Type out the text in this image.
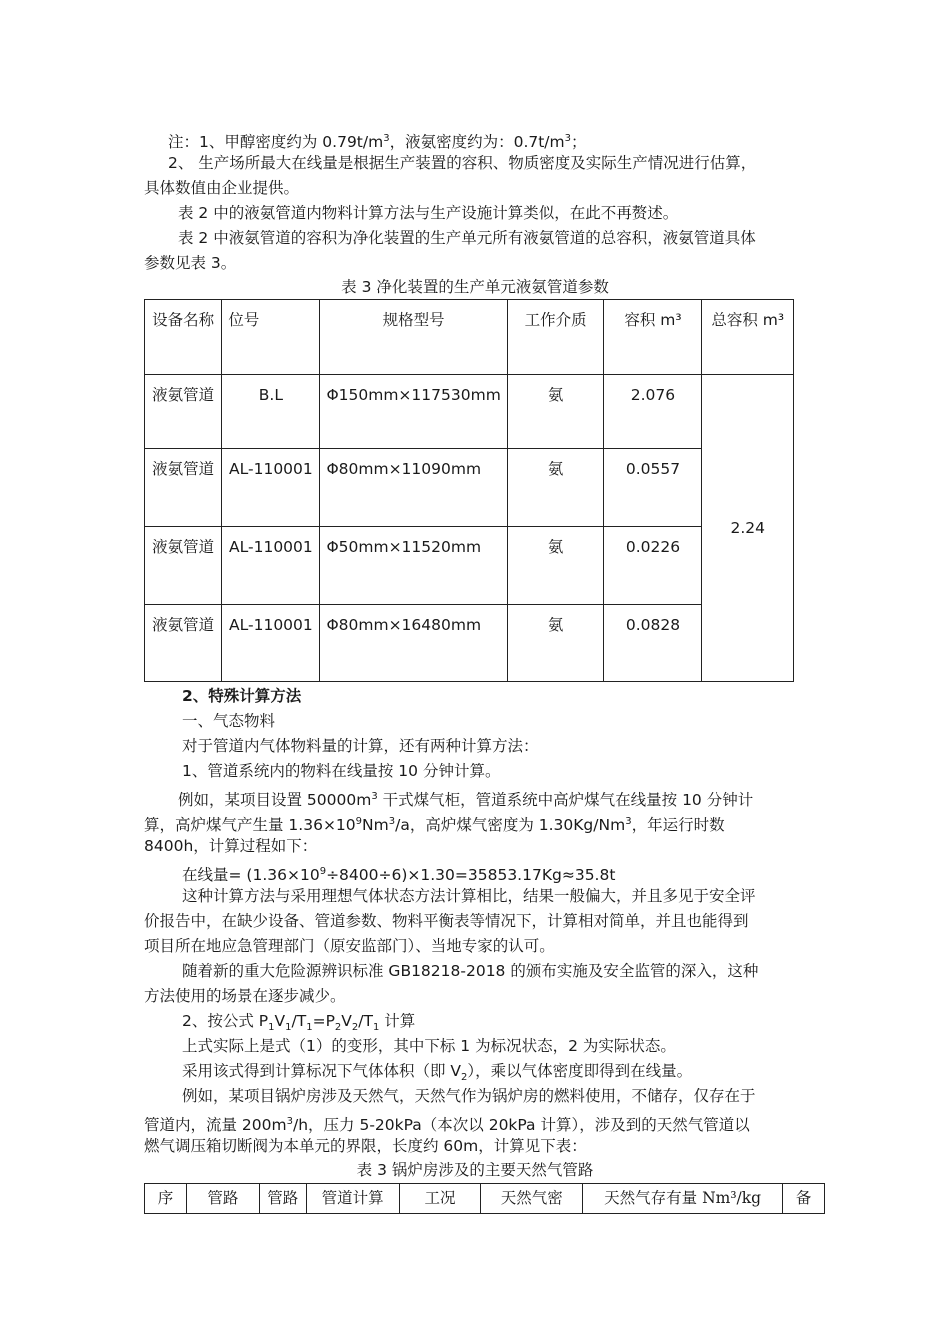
注：1、甲醇密度约为 $0.79t/m^3$，液氨密度约为：$0.7t/m^3$；
2、 生产场所最大在线量是根据生产装置的容积、物质密度及实际生产情况进行估算，
具体数值由企业提供。
表 2 中的液氨管道内物料计算方法与生产设施计算类似，在此不再赘述。
表 2 中液氨管道的容积为净化装置的生产单元所有液氨管道的总容积，液氨管道具体
参数见表 3。
表 3 净化装置的生产单元液氨管道参数
设备名称	位号	规格型号	工作介质	容积 m³	总容积 m³
液氨管道	B.L	Φ150mm×117530mm	氨	2.076	2.24
液氨管道	AL-110001	Φ80mm×11090mm	氨	0.0557	
液氨管道	AL-110001	Φ50mm×11520mm	氨	0.0226	
液氨管道	AL-110001	Φ80mm×16480mm	氨	0.0828	
2、特殊计算方法
一、气态物料
对于管道内气体物料量的计算，还有两种计算方法：
1、管道系统内的物料在线量按 10 分钟计算。
例如，某项目设置 $50000m^3$ 干式煤气柜，管道系统中高炉煤气在线量按 10 分钟计
算，高炉煤气产生量 $1.36\times 10^9Nm^3/a$，高炉煤气密度为 1.30Kg/Nm$^3$，年运行时数
8400h，计算过程如下：
在线量= $(1.36\times 10^9\div 8400\div 6)\times 1.30=35853.17Kg\approx 35.8t$
这种计算方法与采用理想气体状态方法计算相比，结果一般偏大，并且多见于安全评
价报告中，在缺少设备、管道参数、物料平衡表等情况下，计算相对简单，并且也能得到
项目所在地应急管理部门（原安监部门）、当地专家的认可。
随着新的重大危险源辨识标准 GB18218-2018 的颁布实施及安全监管的深入，这种
方法使用的场景在逐步减少。
2、按公式 $P_1V_1/T_1=P_2V_2/T_1$ 计算
上式实际上是式（1）的变形，其中下标 1 为标况状态，2 为实际状态。
采用该式得到计算标况下气体体积（即 $V_2$），乘以气体密度即得到在线量。
例如，某项目锅炉房涉及天然气，天然气作为锅炉房的燃料使用，不储存，仅存在于
管道内，流量 $200m^3/h$，压力 5-20kPa（本次以 20kPa 计算），涉及到的天然气管道以
燃气调压箱切断阀为本单元的界限，长度约 60m，计算见下表：
表 3 锅炉房涉及的主要天然气管路
序	管路	管路	管道计算	工况	天然气密	天然气存有量 Nm³/kg	备
